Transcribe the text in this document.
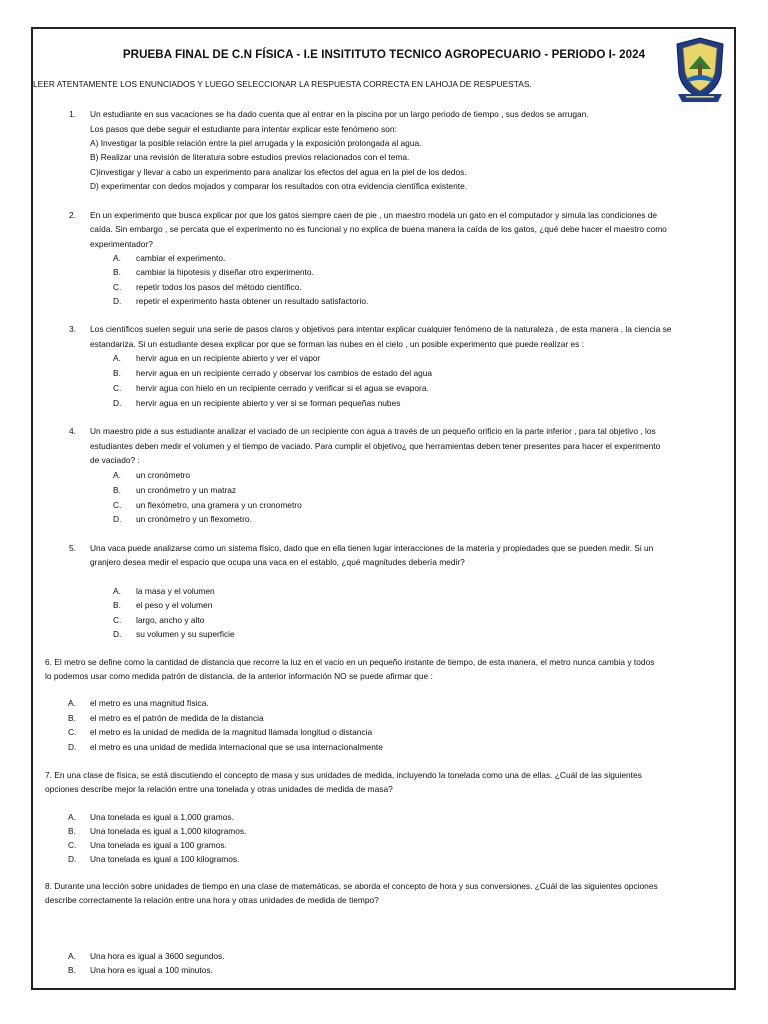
PRUEBA FINAL DE C.N FÍSICA - I.E INSITITUTO TECNICO AGROPECUARIO - PERIODO I- 2024
LEER ATENTAMENTE LOS ENUNCIADOS Y LUEGO SELECCIONAR LA RESPUESTA CORRECTA EN LAHOJA DE RESPUESTAS.
1. Un estudiante en sus vacaciones se ha dado cuenta que al entrar en la piscina por un largo periodo de tiempo , sus dedos se arrugan.
Los pasos que debe seguir el estudiante para intentar explicar este fenómeno son:
A) Investigar la posible relación entre la piel arrugada y la exposición prolongada al agua.
B) Realizar una revisión de literatura sobre estudios previos relacionados con el tema.
C)investigar y llevar a cabo un experimento para analizar los efectos del agua en la piel de los dedos.
D) experimentar con dedos mojados y comparar los resultados con otra evidencia científica existente.
2. En un experimento que busca explicar por que los gatos siempre caen de pie , un maestro modela un gato en el computador y simula las condiciones de
caída. Sin embargo , se percata que el experimento no es funcional y no explica de buena manera la caída de los gatos, ¿qué debe hacer el maestro como
experimentador?
A. cambiar el experimento.
B. cambiar la hipotesis y diseñar otro experimento.
C. repetir todos los pasos del método científico.
D. repetir el experimento hasta obtener un resultado satisfactorio.
3. Los científicos suelen seguir una serie de pasos claros y objetivos para intentar explicar cualquier fenómeno de la naturaleza , de esta manera , la ciencia se
estandariza. Si un estudiante desea explicar por que se forman las nubes en el cielo , un posible experimento que puede realizar es :
A. hervir agua en un recipiente abierto y ver el vapor
B. hervir agua en un recipiente cerrado y observar los cambios de estado del agua
C. hervir agua con hielo en un recipiente cerrado y verificar si el agua se evapora.
D. hervir agua en un recipiente abierto y ver si se forman pequeñas nubes
4. Un maestro pide a sus estudiante analizar el vaciado de un recipiente con agua a través de un pequeño orificio en la parte inferior , para tal objetivo , los
estudiantes deben medir el volumen y el tiempo de vaciado. Para cumplir el objetivo¿ que herramientas deben tener presentes para hacer el experimento
de vaciado? :
A. un cronómetro
B. un cronómetro y un matraz
C. un flexómetro, una gramera y un cronometro
D. un cronómetro y un flexometro.
5. Una vaca puede analizarse como un sistema físico, dado que en ella tienen lugar interacciones de la materia y propiedades que se pueden medir. Si un
granjero desea medir el espacio que ocupa una vaca en el establo, ¿qué magnitudes debería medir?
A. la masa y el volumen
B. el peso y el volumen
C. largo, ancho y alto
D. su volumen y su superficie
6. El metro se define como la cantidad de distancia que recorre la luz en el vacio en un pequeño instante de tiempo, de esta manera, el metro nunca cambia y todos
lo podemos usar como medida patrón de distancia. de la anterior información NO se puede afirmar que :
A. el metro es una magnitud física.
B. el metro es el patrón de medida de la distancia
C. el metro es la unidad de medida de la magnitud llamada longitud o distancia
D. el metro es una unidad de medida internacional que se usa internacionalmente
7. En una clase de física, se está discutiendo el concepto de masa y sus unidades de medida, incluyendo la tonelada como una de ellas. ¿Cuál de las siguientes
opciones describe mejor la relación entre una tonelada y otras unidades de medida de masa?
A. Una tonelada es igual a 1,000 gramos.
B. Una tonelada es igual a 1,000 kilogramos.
C. Una tonelada es igual a 100 gramos.
D. Una tonelada es igual a 100 kilogramos.
8. Durante una lección sobre unidades de tiempo en una clase de matemáticas, se aborda el concepto de hora y sus conversiones. ¿Cuál de las siguientes opciones
describe correctamente la relación entre una hora y otras unidades de medida de tiempo?
A. Una hora es igual a 3600 segundos.
B. Una hora es igual a 100 minutos.
